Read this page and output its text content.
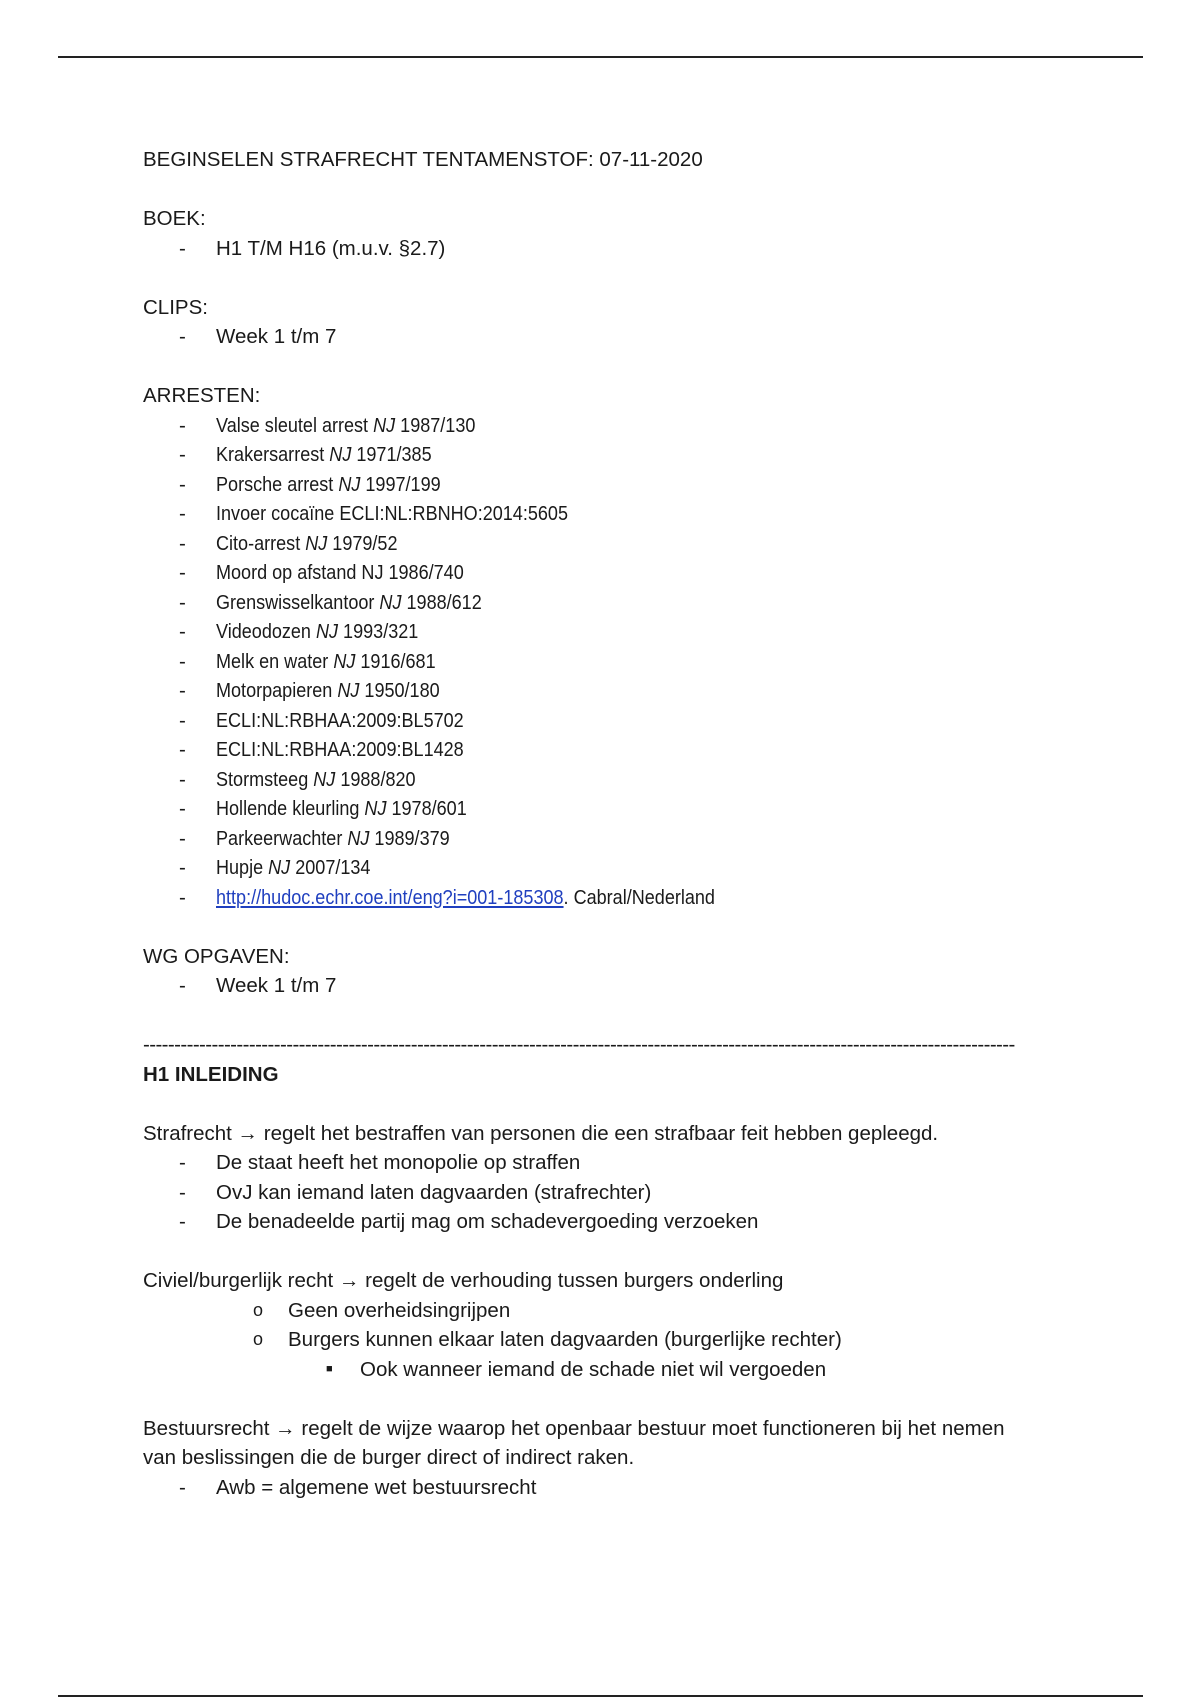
BEGINSELEN STRAFRECHT TENTAMENSTOF: 07-11-2020
BOEK:
- H1 T/M H16 (m.u.v. §2.7)
CLIPS:
- Week 1 t/m 7
ARRESTEN:
- Valse sleutel arrest NJ 1987/130
- Krakersarrest NJ 1971/385
- Porsche arrest NJ 1997/199
- Invoer cocaïne ECLI:NL:RBNHO:2014:5605
- Cito-arrest NJ 1979/52
- Moord op afstand NJ 1986/740
- Grenswisselkantoor NJ 1988/612
- Videodozen NJ 1993/321
- Melk en water NJ 1916/681
- Motorpapieren NJ 1950/180
- ECLI:NL:RBHAA:2009:BL5702
- ECLI:NL:RBHAA:2009:BL1428
- Stormsteeg NJ 1988/820
- Hollende kleurling NJ 1978/601
- Parkeerwachter NJ 1989/379
- Hupje NJ 2007/134
- http://hudoc.echr.coe.int/eng?i=001-185308. Cabral/Nederland
WG OPGAVEN:
- Week 1 t/m 7
--------------------------------------------------------------------------------------------------------------------------------------------
H1 INLEIDING
Strafrecht → regelt het bestraffen van personen die een strafbaar feit hebben gepleegd.
- De staat heeft het monopolie op straffen
- OvJ kan iemand laten dagvaarden (strafrechter)
- De benadeelde partij mag om schadevergoeding verzoeken
Civiel/burgerlijk recht → regelt de verhouding tussen burgers onderling
o Geen overheidsingrijpen
o Burgers kunnen elkaar laten dagvaarden (burgerlijke rechter)
■ Ook wanneer iemand de schade niet wil vergoeden
Bestuursrecht → regelt de wijze waarop het openbaar bestuur moet functioneren bij het nemen van beslissingen die de burger direct of indirect raken.
- Awb = algemene wet bestuursrecht
